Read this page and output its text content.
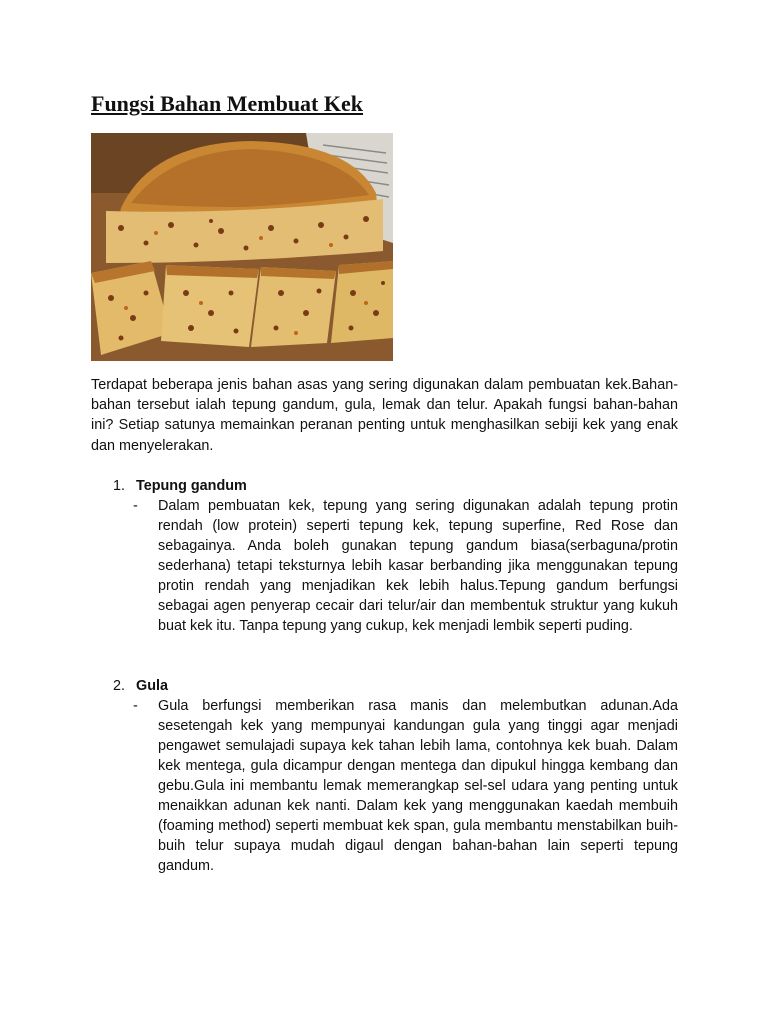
Fungsi Bahan Membuat Kek

Terdapat beberapa jenis bahan asas yang sering digunakan dalam pembuatan kek.Bahan-bahan tersebut ialah tepung gandum, gula, lemak dan telur. Apakah fungsi bahan-bahan ini? Setiap satunya memainkan peranan penting untuk menghasilkan sebiji kek yang enak dan menyelerakan.

1. Tepung gandum
- Dalam pembuatan kek, tepung yang sering digunakan adalah tepung protin rendah (low protein) seperti tepung kek, tepung superfine, Red Rose dan sebagainya. Anda boleh gunakan tepung gandum biasa(serbaguna/protin sederhana) tetapi teksturnya lebih kasar berbanding jika menggunakan tepung protin rendah yang menjadikan kek lebih halus.Tepung gandum berfungsi sebagai agen penyerap cecair dari telur/air dan membentuk struktur yang kukuh buat kek itu. Tanpa tepung yang cukup, kek menjadi lembik seperti puding.

2. Gula
- Gula berfungsi memberikan rasa manis dan melembutkan adunan.Ada sesetengah kek yang mempunyai kandungan gula yang tinggi agar menjadi pengawet semulajadi supaya kek tahan lebih lama, contohnya kek buah. Dalam kek mentega, gula dicampur dengan mentega dan dipukul hingga kembang dan gebu.Gula ini membantu lemak memerangkap sel-sel udara yang penting untuk menaikkan adunan kek nanti. Dalam kek yang menggunakan kaedah membuih (foaming method) seperti membuat kek span, gula membantu menstabilkan buih-buih telur supaya mudah digaul dengan bahan-bahan lain seperti tepung gandum.
